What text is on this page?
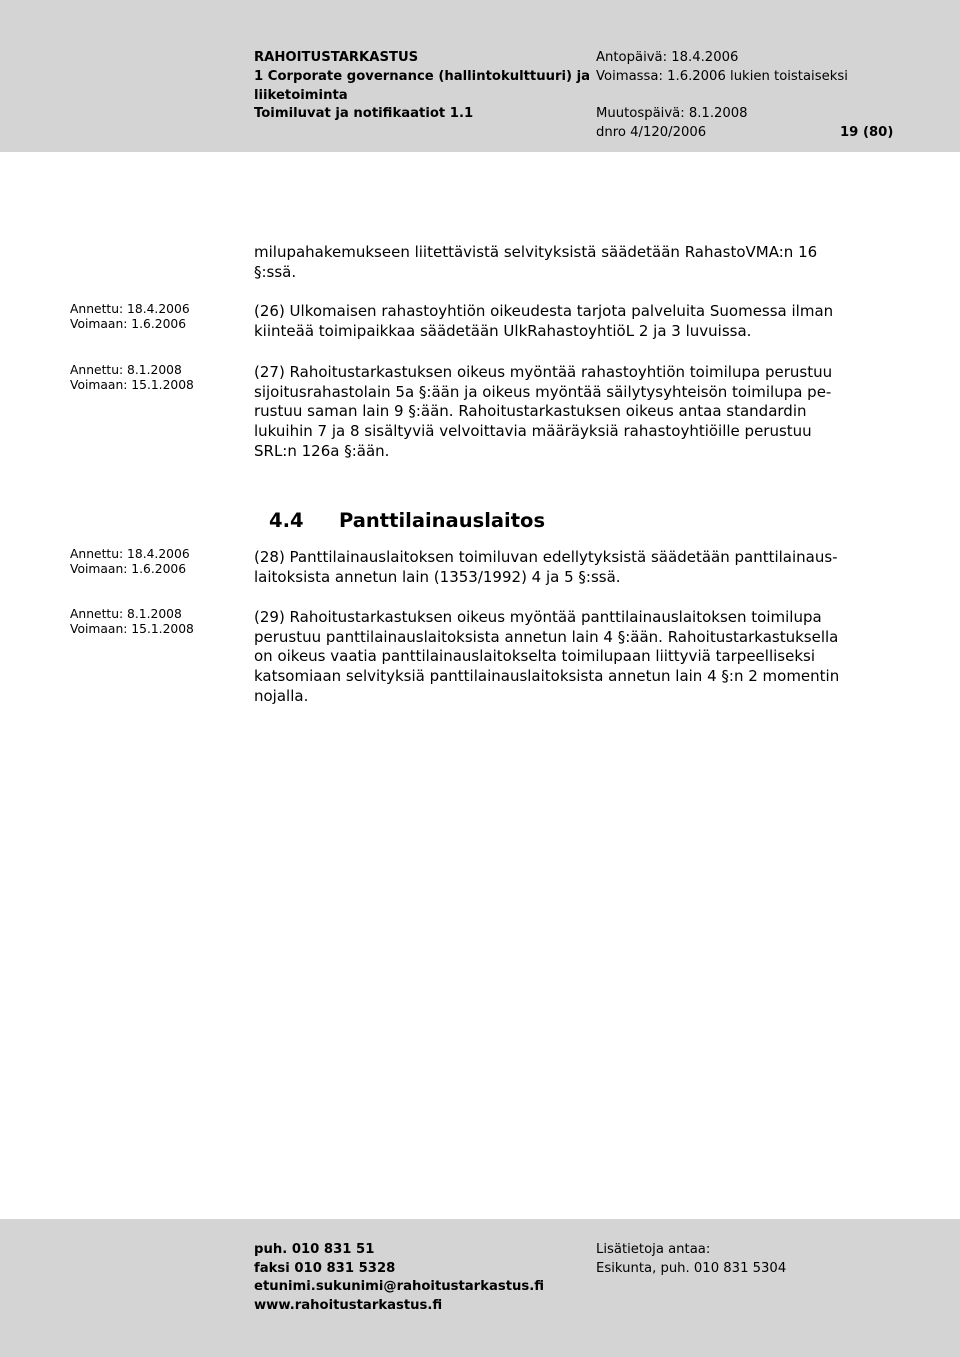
RAHOITUSTARKASTUS
1 Corporate governance (hallintokulttuuri) ja
liiketoiminta
Toimiluvat ja notifikaatiot 1.1
Antopäivä: 18.4.2006
Voimassa: 1.6.2006 lukien toistaiseksi
Muutospäivä: 8.1.2008
dnro 4/120/2006	19 (80)
milupahakemukseen liitettävistä selvityksistä säädetään RahastoVMA:n 16
§:ssä.
Annettu: 18.4.2006
Voimaan: 1.6.2006
(26) Ulkomaisen rahastoyhtiön oikeudesta tarjota palveluita Suomessa ilman
kiinteää toimipaikkaa säädetään UlkRahastoyhtiöL 2 ja 3 luvuissa.
Annettu: 8.1.2008
Voimaan: 15.1.2008
(27) Rahoitustarkastuksen oikeus myöntää rahastoyhtiön toimilupa perustuu
sijoitusrahastolain 5a §:ään ja oikeus myöntää säilytysyhteisön toimilupa pe-
rustuu saman lain 9 §:ään. Rahoitustarkastuksen oikeus antaa standardin
lukuihin 7 ja 8 sisältyviä velvoittavia määräyksiä rahastoyhtiöille perustuu
SRL:n 126a §:ään.
4.4 Panttilainauslaitos
Annettu: 18.4.2006
Voimaan: 1.6.2006
(28) Panttilainauslaitoksen toimiluvan edellytyksistä säädetään panttilainaus-
laitoksista annetun lain (1353/1992) 4 ja 5 §:ssä.
Annettu: 8.1.2008
Voimaan: 15.1.2008
(29) Rahoitustarkastuksen oikeus myöntää panttilainauslaitoksen toimilupa
perustuu panttilainauslaitoksista annetun lain 4 §:ään. Rahoitustarkastuksella
on oikeus vaatia panttilainauslaitokselta toimilupaan liittyviä tarpeelliseksi
katsomiaan selvityksiä panttilainauslaitoksista annetun lain 4 §:n 2 momentin
nojalla.
puh. 010 831 51
faksi 010 831 5328
etunimi.sukunimi@rahoitustarkastus.fi
www.rahoitustarkastus.fi
Lisätietoja antaa:
Esikunta, puh. 010 831 5304
